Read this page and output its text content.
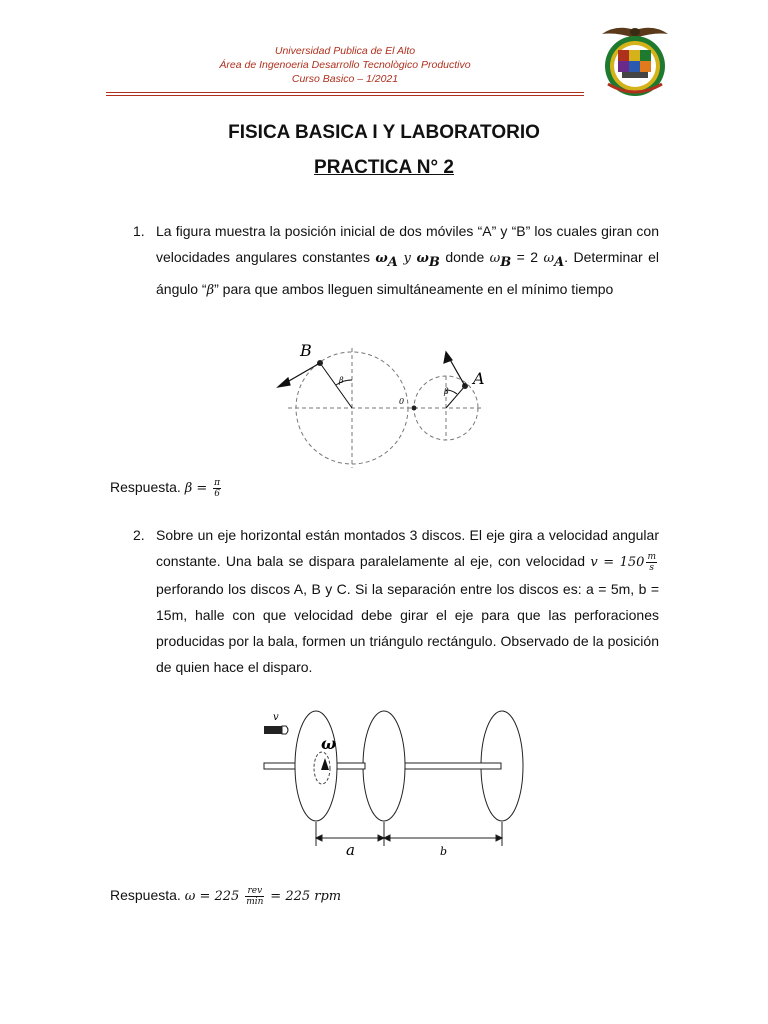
Universidad Publica de El Alto
Área de Ingenoeria Desarrollo Tecnològico Productivo
Curso Basico – 1/2021
FISICA BASICA I Y LABORATORIO
PRACTICA N° 2
1. La figura muestra la posición inicial de dos móviles “A” y “B” los cuales giran con velocidades angulares constantes $\omega_A$ y $\omega_B$ donde $\omega_B = 2$ $\omega_A$. Determinar el ángulo “β” para que ambos lleguen simultáneamente en el mínimo tiempo
B
A
β
β
0
Respuesta. $\beta = \frac{\pi}{6}$
2. Sobre un eje horizontal están montados 3 discos. El eje gira a velocidad angular constante. Una bala se dispara paralelamente al eje, con velocidad $v = 150 \frac{m}{s}$
perforando los discos A, B y C. Si la separación entre los discos es: a = 5m, b = 15m, halle con que velocidad debe girar el eje para que las perforaciones producidas por la bala, formen un triángulo rectángulo. Observado de la posición de quien hace el disparo.
v
ω
a	b
Respuesta. $\omega = 225 \frac{\text{rev}}{\min} = 225$ rpm
